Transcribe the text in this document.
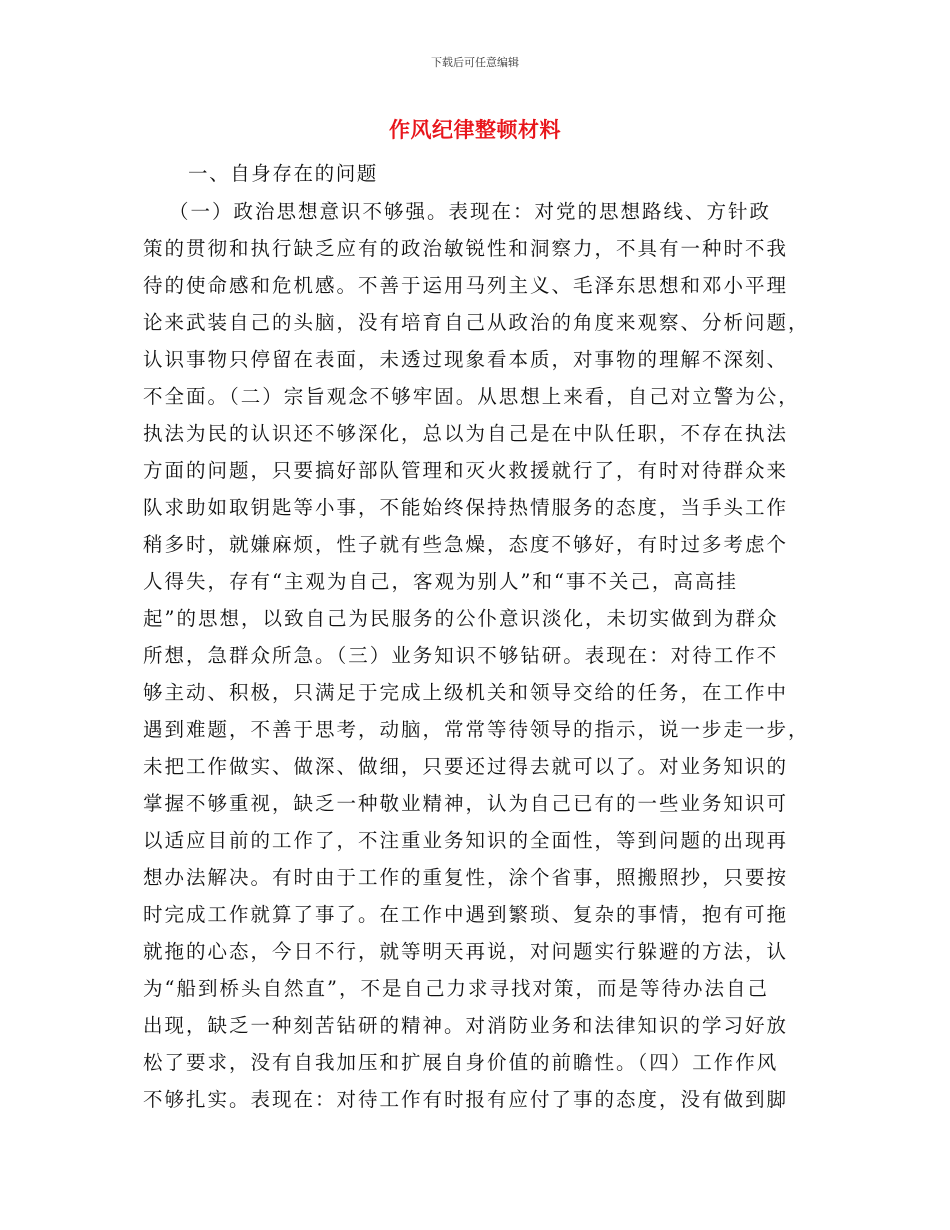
下载后可任意编辑
作风纪律整顿材料
一、自身存在的问题
（一）政治思想意识不够强。表现在：对党的思想路线、方针政
策的贯彻和执行缺乏应有的政治敏锐性和洞察力，不具有一种时不我
待的使命感和危机感。不善于运用马列主义、毛泽东思想和邓小平理
论来武装自己的头脑，没有培育自己从政治的角度来观察、分析问题，
认识事物只停留在表面，未透过现象看本质，对事物的理解不深刻、
不全面。（二）宗旨观念不够牢固。从思想上来看，自己对立警为公，
执法为民的认识还不够深化，总以为自己是在中队任职，不存在执法
方面的问题，只要搞好部队管理和灭火救援就行了，有时对待群众来
队求助如取钥匙等小事，不能始终保持热情服务的态度，当手头工作
稍多时，就嫌麻烦，性子就有些急燥，态度不够好，有时过多考虑个
人得失，存有“主观为自己，客观为别人”和“事不关己，高高挂
起”的思想，以致自己为民服务的公仆意识淡化，未切实做到为群众
所想，急群众所急。（三）业务知识不够钻研。表现在：对待工作不
够主动、积极，只满足于完成上级机关和领导交给的任务，在工作中
遇到难题，不善于思考，动脑，常常等待领导的指示，说一步走一步，
未把工作做实、做深、做细，只要还过得去就可以了。对业务知识的
掌握不够重视，缺乏一种敬业精神，认为自己已有的一些业务知识可
以适应目前的工作了，不注重业务知识的全面性，等到问题的出现再
想办法解决。有时由于工作的重复性，涂个省事，照搬照抄，只要按
时完成工作就算了事了。在工作中遇到繁琐、复杂的事情，抱有可拖
就拖的心态，今日不行，就等明天再说，对问题实行躲避的方法，认
为“船到桥头自然直”，不是自己力求寻找对策，而是等待办法自己
出现，缺乏一种刻苦钻研的精神。对消防业务和法律知识的学习好放
松了要求，没有自我加压和扩展自身价值的前瞻性。（四）工作作风
不够扎实。表现在：对待工作有时报有应付了事的态度，没有做到脚
